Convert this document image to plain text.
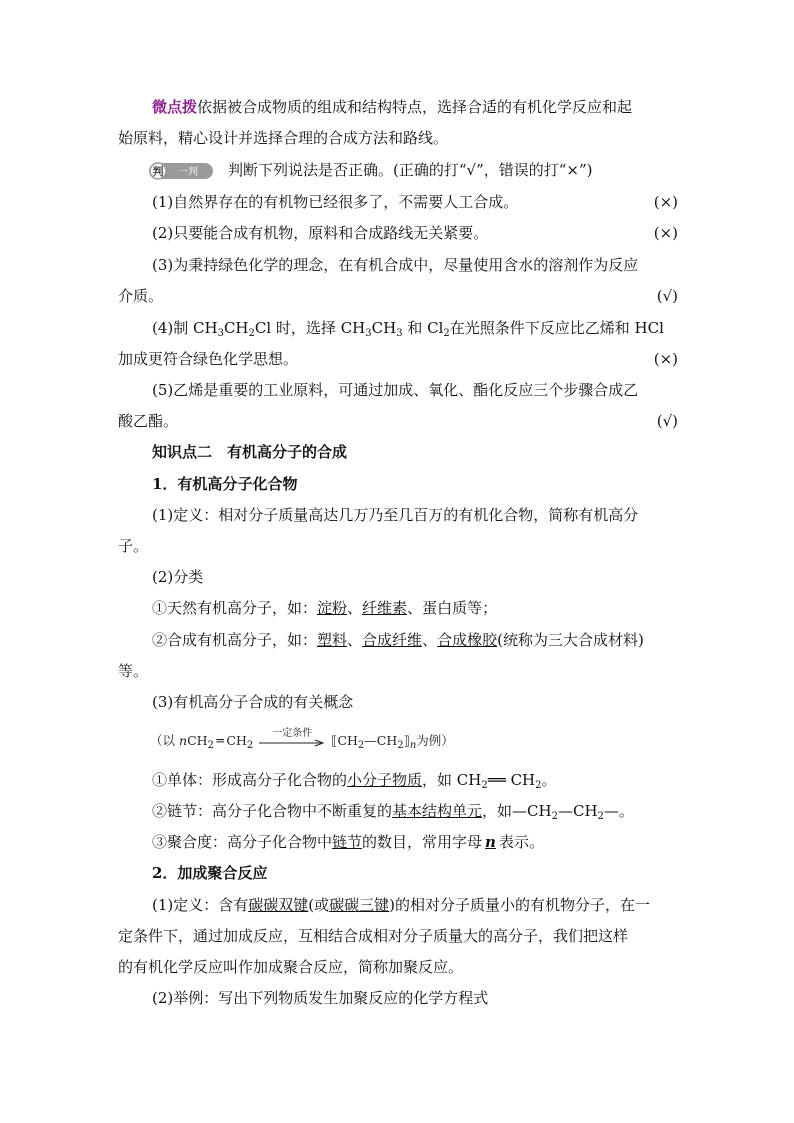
微点拨依据被合成物质的组成和结构特点，选择合适的有机化学反应和起
始原料，精心设计并选择合理的合成方法和路线。
判 一判 判断下列说法是否正确。(正确的打“√”，错误的打“×”)
(1)自然界存在的有机物已经很多了，不需要人工合成。	(×)
(2)只要能合成有机物，原料和合成路线无关紧要。	(×)
(3)为秉持绿色化学的理念，在有机合成中，尽量使用含水的溶剂作为反应
介质。	(√)
(4)制 $CH_3CH_2Cl$ 时，选择 $CH_3CH_3$ 和 $Cl_2$在光照条件下反应比乙烯和 HCl
加成更符合绿色化学思想。	(×)
(5)乙烯是重要的工业原料，可通过加成、氧化、酯化反应三个步骤合成乙
酸乙酯。	(√)
知识点二　有机高分子的合成
1．有机高分子化合物
(1)定义：相对分子质量高达几万乃至几百万的有机化合物，简称有机高分
子。
(2)分类
①天然有机高分子，如：淀粉、纤维素、蛋白质等；
②合成有机高分子，如：塑料、合成纤维、合成橡胶(统称为三大合成材料)
等。
(3)有机高分子合成的有关概念
（以 nCH$_2$  ═ $CH_2$
一定条件	$⟦CH_2—CH_2⟧_n$为例）
①单体：形成高分子化合物的小分子物质，如 $CH_2══$ $CH_2$。
②链节：高分子化合物中不断重复的基本结构单元，如$—CH_2—CH_2—$。
③聚合度：高分子化合物中链节的数目，常用字母  n  表示。
2．加成聚合反应
(1)定义：含有碳碳双键(或碳碳三键)的相对分子质量小的有机物分子，在一
定条件下，通过加成反应，互相结合成相对分子质量大的高分子，我们把这样
的有机化学反应叫作加成聚合反应，简称加聚反应。
(2)举例：写出下列物质发生加聚反应的化学方程式
